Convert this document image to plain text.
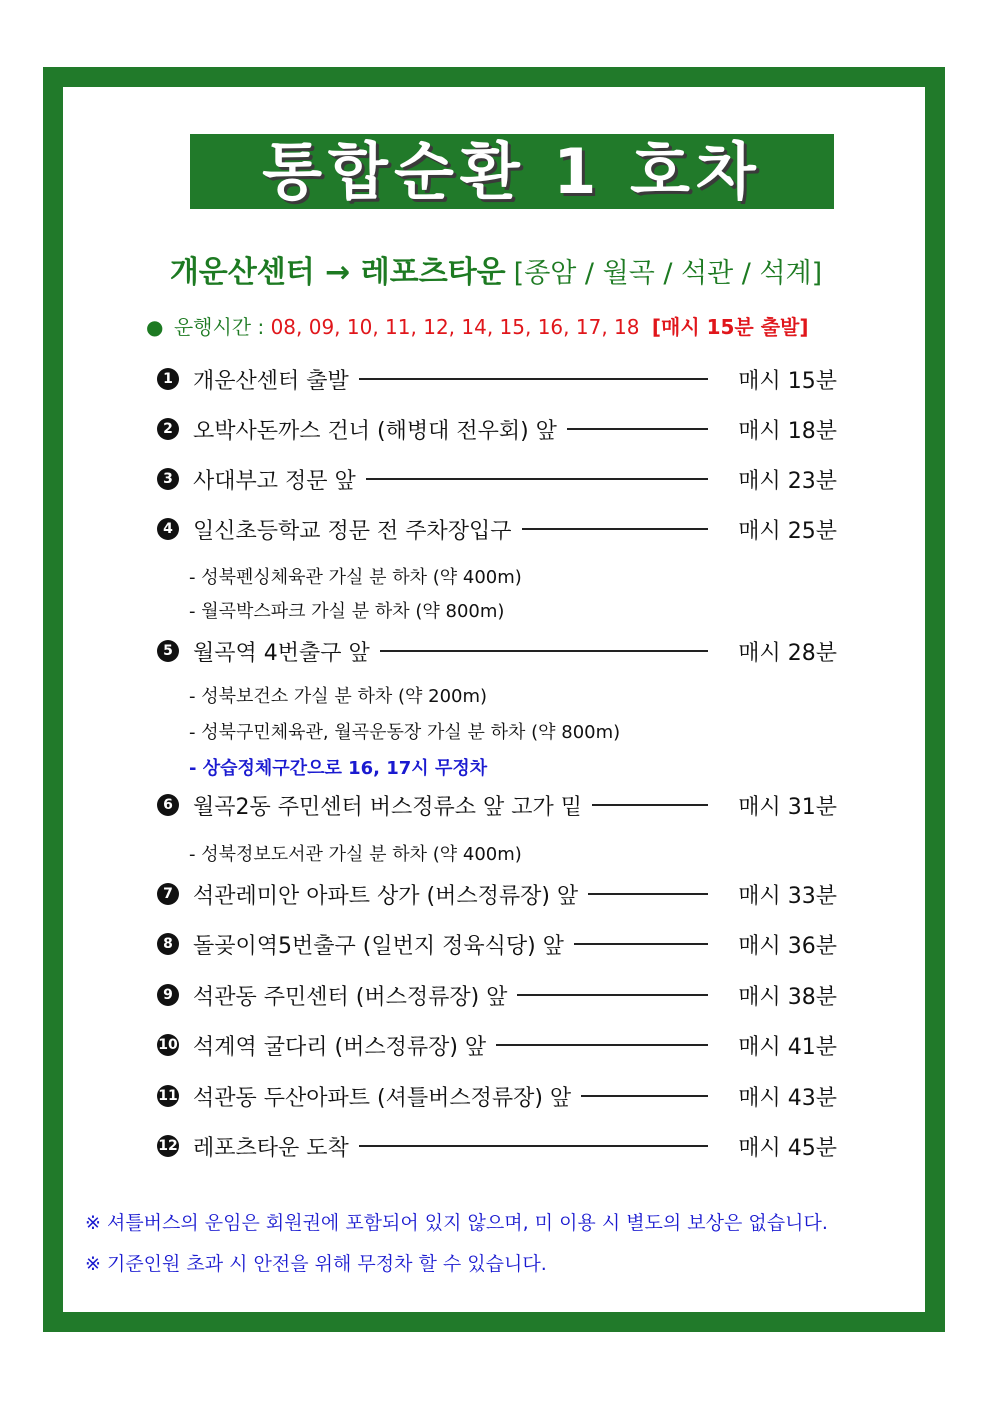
통합순환 1 호차
개운산센터 → 레포츠타운 [종암 / 월곡 / 석관 / 석계]
● 운행시간 : 08, 09, 10, 11, 12, 14, 15, 16, 17, 18 [매시 15분 출발]
1 개운산센터 출발	매시 15분
2 오박사돈까스 건너 (해병대 전우회) 앞	매시 18분
3 사대부고 정문 앞	매시 23분
4 일신초등학교 정문 전 주차장입구	매시 25분
- 성북펜싱체육관 가실 분 하차 (약 400m)
- 월곡박스파크 가실 분 하차 (약 800m)
5 월곡역 4번출구 앞	매시 28분
- 성북보건소 가실 분 하차 (약 200m)
- 성북구민체육관, 월곡운동장 가실 분 하차 (약 800m)
- 상습정체구간으로 16, 17시 무정차
6 월곡2동 주민센터 버스정류소 앞 고가 밑	매시 31분
- 성북정보도서관 가실 분 하차 (약 400m)
7 석관레미안 아파트 상가 (버스정류장) 앞	매시 33분
8 돌곶이역5번출구 (일번지 정육식당) 앞	매시 36분
9 석관동 주민센터 (버스정류장) 앞	매시 38분
10 석계역 굴다리 (버스정류장) 앞	매시 41분
11 석관동 두산아파트 (셔틀버스정류장) 앞	매시 43분
12 레포츠타운 도착	매시 45분
※ 셔틀버스의 운임은 회원권에 포함되어 있지 않으며, 미 이용 시 별도의 보상은 없습니다.
※ 기준인원 초과 시 안전을 위해 무정차 할 수 있습니다.
